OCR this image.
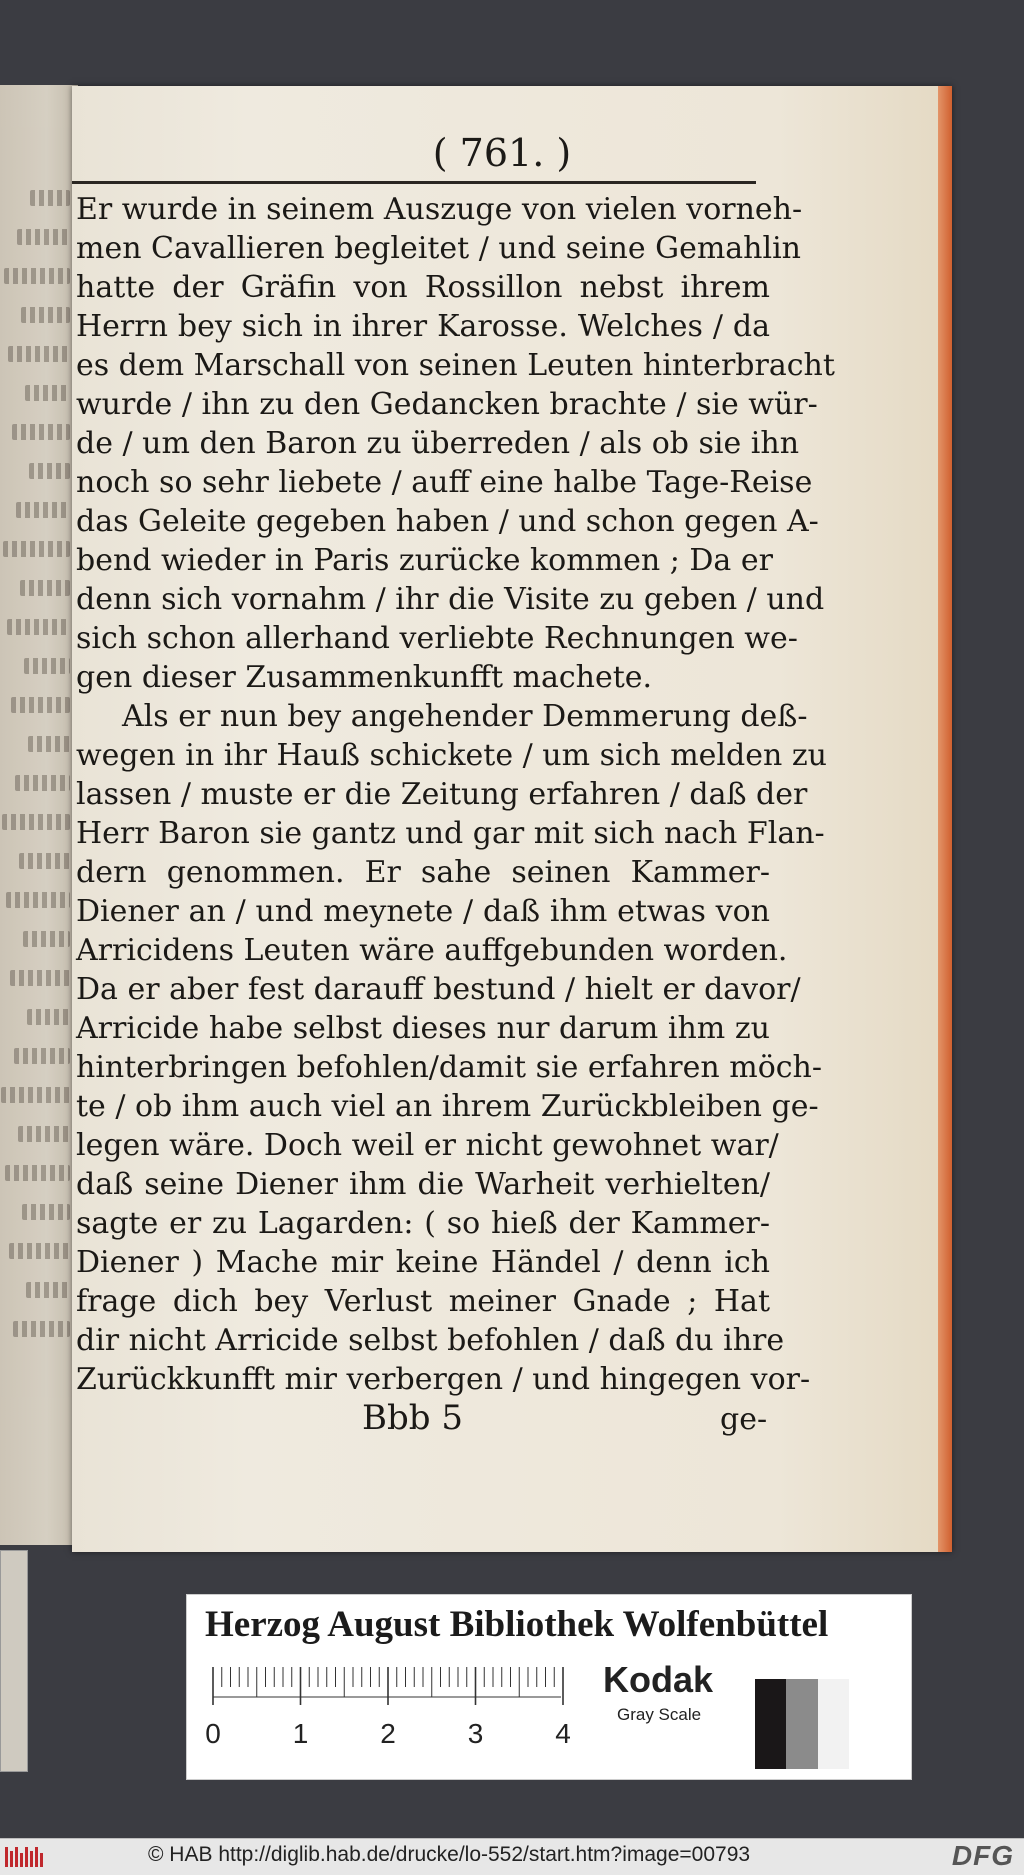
( 761. )
Er wurde in seinem Auszuge von vielen vorneh-
men Cavallieren begleitet / und seine Gemahlin
hatte der Gräfin von Rossillon nebst ihrem
Herrn bey sich in ihrer Karosse. Welches / da
es dem Marschall von seinen Leuten hinterbracht
wurde / ihn zu den Gedancken brachte / sie wür-
de / um den Baron zu überreden / als ob sie ihn
noch so sehr liebete / auff eine halbe Tage-Reise
das Geleite gegeben haben / und schon gegen A-
bend wieder in Paris zurücke kommen ; Da er
denn sich vornahm / ihr die Visite zu geben / und
sich schon allerhand verliebte Rechnungen we-
gen dieser Zusammenkunfft machete.
Als er nun bey angehender Demmerung deß-
wegen in ihr Hauß schickete / um sich melden zu
lassen / muste er die Zeitung erfahren / daß der
Herr Baron sie gantz und gar mit sich nach Flan-
dern genommen. Er sahe seinen Kammer-
Diener an / und meynete / daß ihm etwas von
Arricidens Leuten wäre auffgebunden worden.
Da er aber fest darauff bestund / hielt er davor/
Arricide habe selbst dieses nur darum ihm zu
hinterbringen befohlen/damit sie erfahren möch-
te / ob ihm auch viel an ihrem Zurückbleiben ge-
legen wäre. Doch weil er nicht gewohnet war/
daß seine Diener ihm die Warheit verhielten/
sagte er zu Lagarden: ( so hieß der Kammer-
Diener ) Mache mir keine Händel / denn ich
frage dich bey Verlust meiner Gnade ; Hat
dir nicht Arricide selbst befohlen / daß du ihre
Zurückkunfft mir verbergen / und hingegen vor-
Bbb 5	ge-
Herzog August Bibliothek Wolfenbüttel
0	1	2	3	4
Kodak
Gray Scale
© HAB http://diglib.hab.de/drucke/lo-552/start.htm?image=00793	DFG
